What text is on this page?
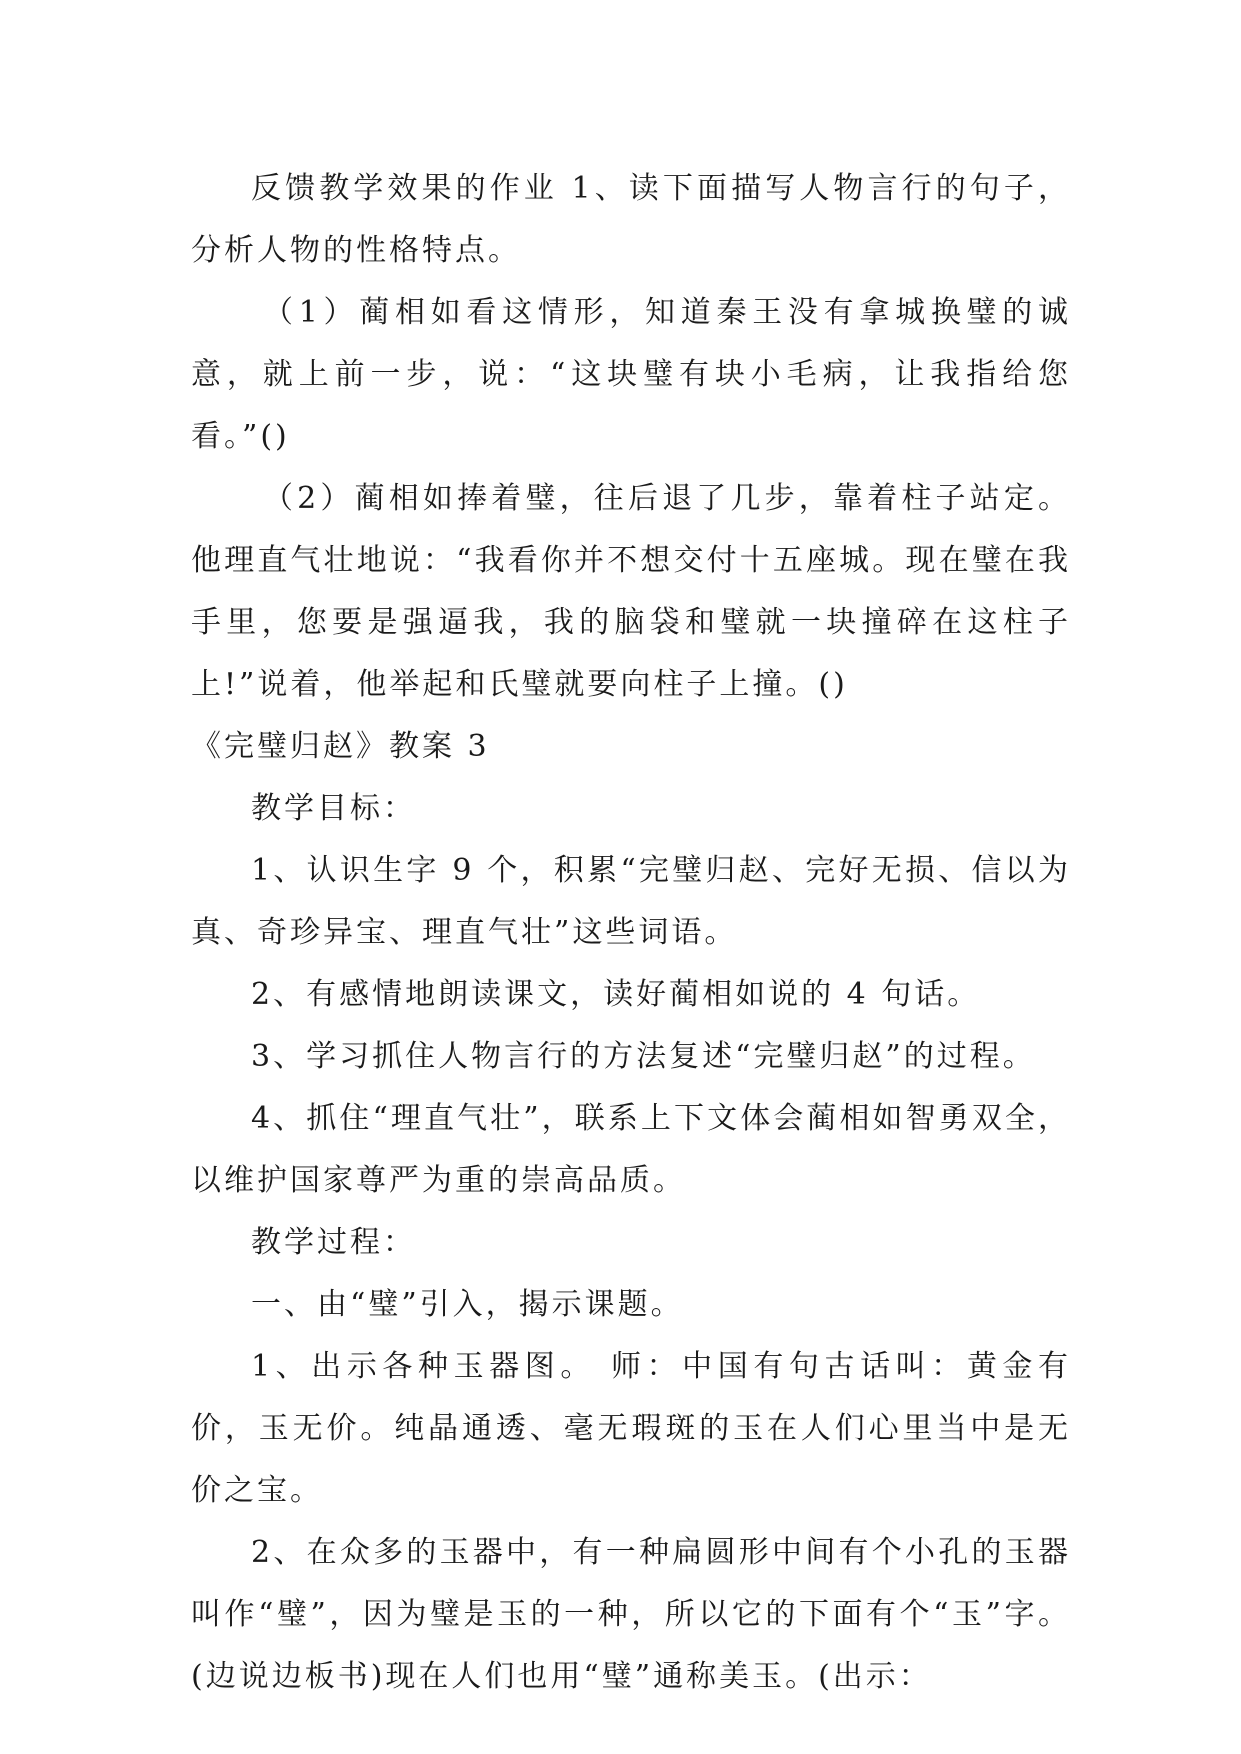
反馈教学效果的作业 1、读下面描写人物言行的句子，分析人物的性格特点。

（1）蔺相如看这情形，知道秦王没有拿城换璧的诚意，就上前一步，说：“这块璧有块小毛病，让我指给您看。”()

（2）蔺相如捧着璧，往后退了几步，靠着柱子站定。他理直气壮地说：“我看你并不想交付十五座城。现在璧在我手里，您要是强逼我，我的脑袋和璧就一块撞碎在这柱子上!”说着，他举起和氏璧就要向柱子上撞。()

《完璧归赵》教案 3

教学目标：

1、认识生字 9 个，积累“完璧归赵、完好无损、信以为真、奇珍异宝、理直气壮”这些词语。

2、有感情地朗读课文，读好蔺相如说的 4 句话。

3、学习抓住人物言行的方法复述“完璧归赵”的过程。

4、抓住“理直气壮”，联系上下文体会蔺相如智勇双全，以维护国家尊严为重的崇高品质。

教学过程：

一、由“璧”引入，揭示课题。

1、出示各种玉器图。 师：中国有句古话叫：黄金有价，玉无价。纯晶通透、毫无瑕斑的玉在人们心里当中是无价之宝。

2、在众多的玉器中，有一种扁圆形中间有个小孔的玉器叫作“璧”，因为璧是玉的一种，所以它的下面有个“玉”字。(边说边板书)现在人们也用“璧”通称美玉。(出示：
